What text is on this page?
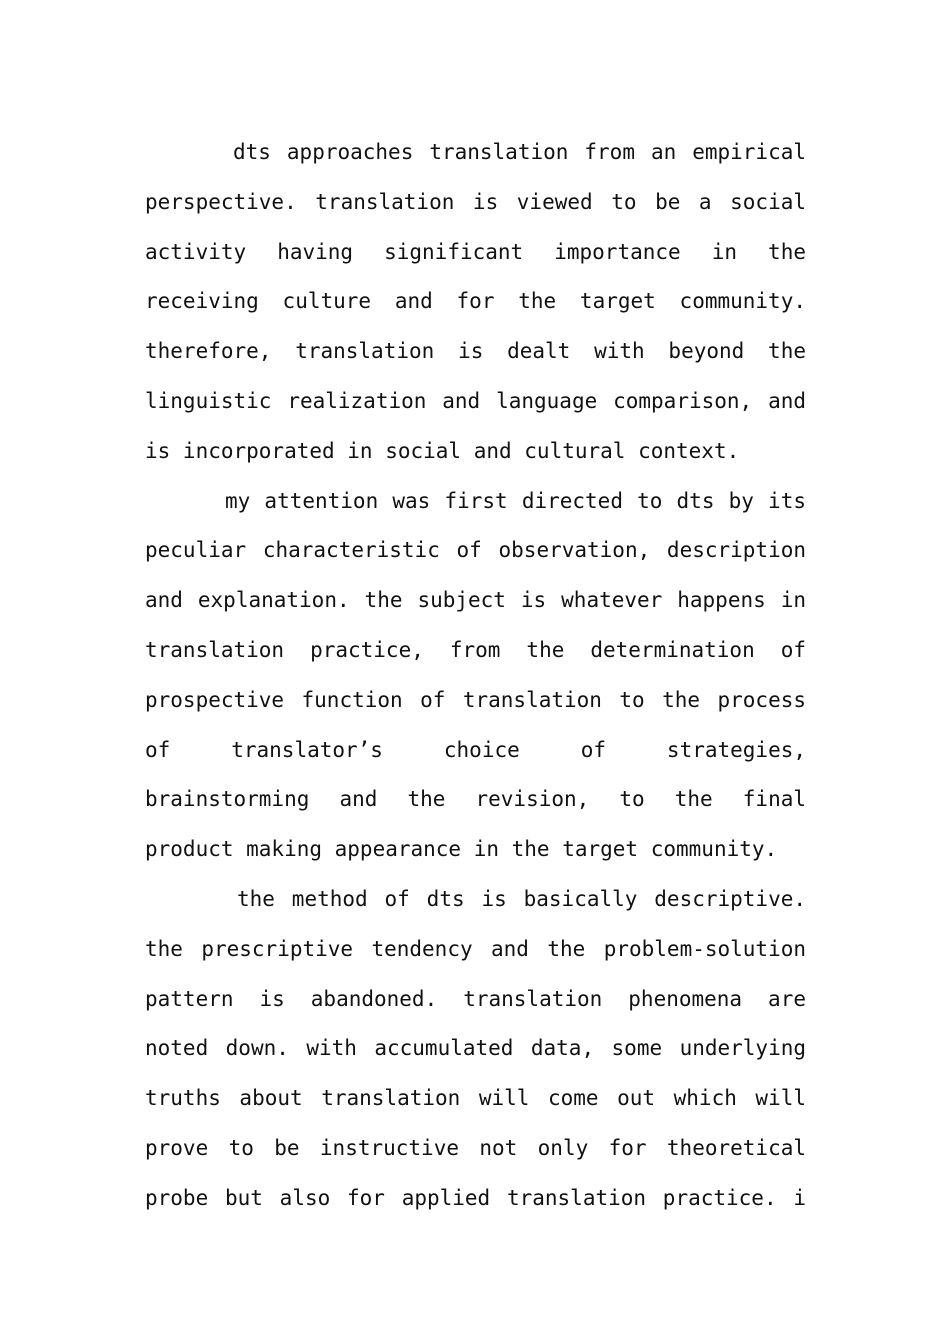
dts approaches translation from an empirical
perspective. translation is viewed to be a social
activity having significant importance in the
receiving culture and for the target community.
therefore, translation is dealt with beyond the
linguistic realization and language comparison, and
is incorporated in social and cultural context.
my attention was first directed to dts by its
peculiar characteristic of observation, description
and explanation. the subject is whatever happens in
translation practice, from the determination of
prospective function of translation to the process
of translator’s choice of strategies,
brainstorming and the revision, to the final
product making appearance in the target community.
the method of dts is basically descriptive.
the prescriptive tendency and the problem-solution
pattern is abandoned. translation phenomena are
noted down. with accumulated data, some underlying
truths about translation will come out which will
prove to be instructive not only for theoretical
probe but also for applied translation practice. i
